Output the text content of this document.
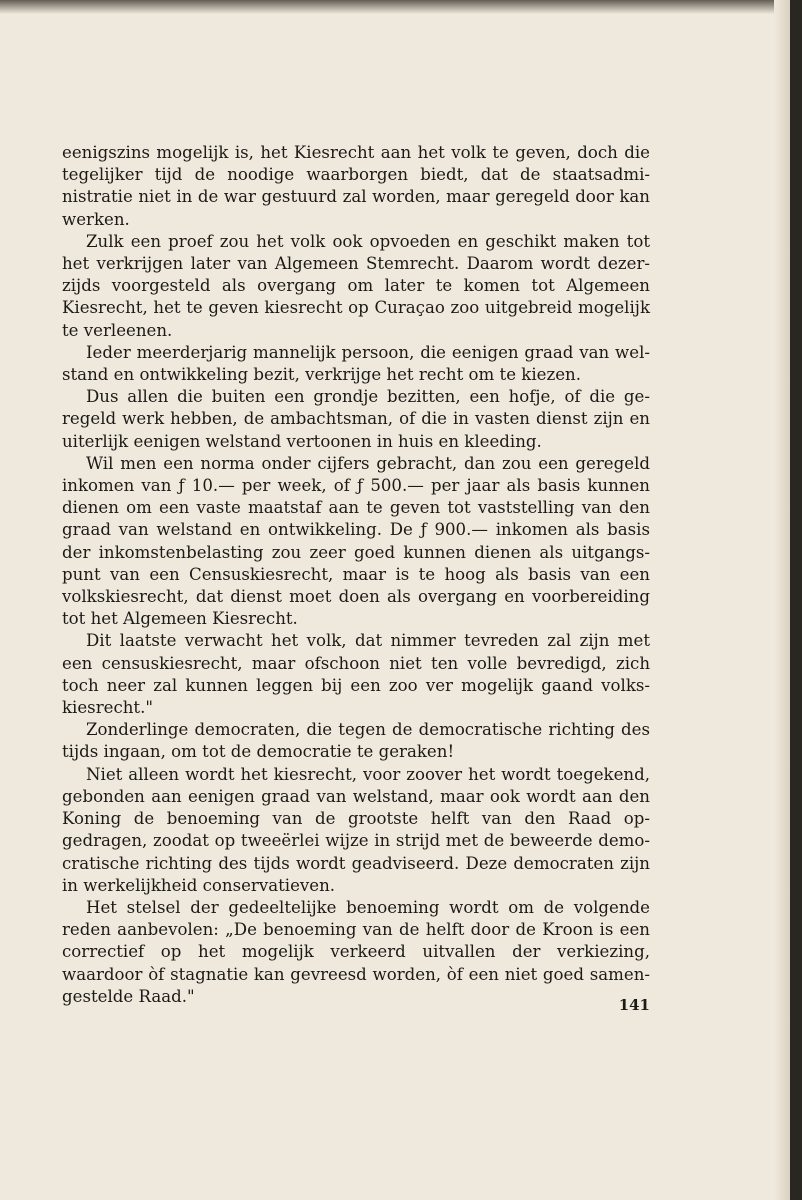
eenigszins mogelijk is, het Kiesrecht aan het volk te geven, doch die tegelijker tijd de noodige waarborgen biedt, dat de staatsadministratie niet in de war gestuurd zal worden, maar geregeld door kan werken.

Zulk een proef zou het volk ook opvoeden en geschikt maken tot het verkrijgen later van Algemeen Stemrecht. Daarom wordt dezerzijds voorgesteld als overgang om later te komen tot Algemeen Kiesrecht, het te geven kiesrecht op Curaçao zoo uitgebreid mogelijk te verleenen.

Ieder meerderjarig mannelijk persoon, die eenigen graad van welstand en ontwikkeling bezit, verkrijge het recht om te kiezen.

Dus allen die buiten een grondje bezitten, een hofje, of die geregeld werk hebben, de ambachtsman, of die in vasten dienst zijn en uiterlijk eenigen welstand vertoonen in huis en kleeding.

Wil men een norma onder cijfers gebracht, dan zou een geregeld inkomen van ƒ 10.— per week, of ƒ 500.— per jaar als basis kunnen dienen om een vaste maatstaf aan te geven tot vaststelling van den graad van welstand en ontwikkeling. De ƒ 900.— inkomen als basis der inkomstenbelasting zou zeer goed kunnen dienen als uitgangspunt van een Censuskiesrecht, maar is te hoog als basis van een volkskiesrecht, dat dienst moet doen als overgang en voorbereiding tot het Algemeen Kiesrecht.

Dit laatste verwacht het volk, dat nimmer tevreden zal zijn met een censuskiesrecht, maar ofschoon niet ten volle bevredigd, zich toch neer zal kunnen leggen bij een zoo ver mogelijk gaand volkskiesrecht."

Zonderlinge democraten, die tegen de democratische richting des tijds ingaan, om tot de democratie te geraken!

Niet alleen wordt het kiesrecht, voor zoover het wordt toegekend, gebonden aan eenigen graad van welstand, maar ook wordt aan den Koning de benoeming van de grootste helft van den Raad opgedragen, zoodat op tweeërlei wijze in strijd met de beweerde democratische richting des tijds wordt geadviseerd. Deze democraten zijn in werkelijkheid conservatieven.

Het stelsel der gedeeltelijke benoeming wordt om de volgende reden aanbevolen: „De benoeming van de helft door de Kroon is een correctief op het mogelijk verkeerd uitvallen der verkiezing, waardoor òf stagnatie kan gevreesd worden, òf een niet goed samengestelde Raad."	141
